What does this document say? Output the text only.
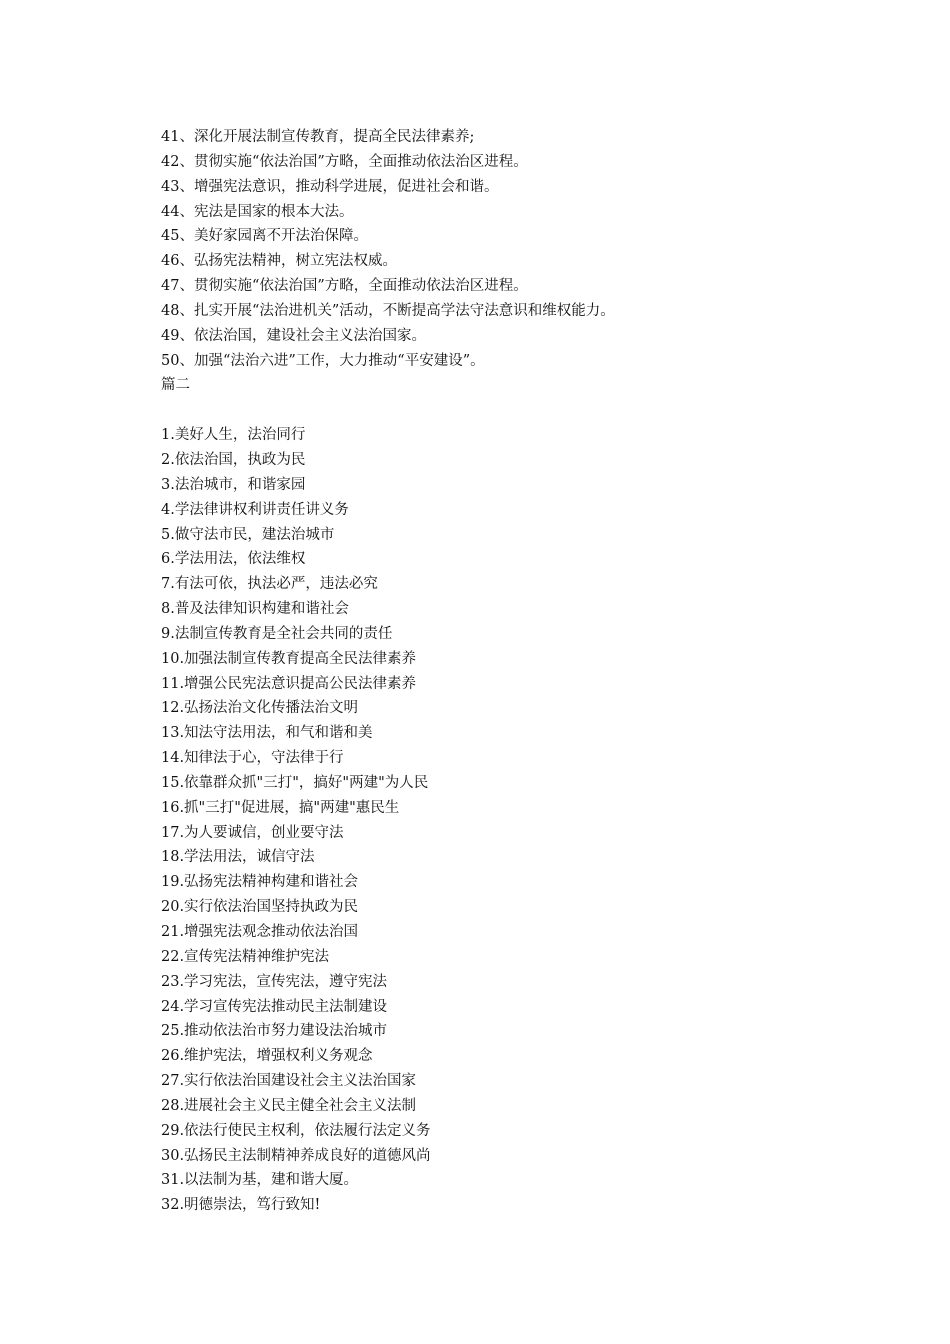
41、深化开展法制宣传教育，提高全民法律素养;
42、贯彻实施“依法治国”方略，全面推动依法治区进程。
43、增强宪法意识，推动科学进展，促进社会和谐。
44、宪法是国家的根本大法。
45、美好家园离不开法治保障。
46、弘扬宪法精神，树立宪法权威。
47、贯彻实施“依法治国”方略，全面推动依法治区进程。
48、扎实开展“法治进机关”活动，不断提高学法守法意识和维权能力。
49、依法治国，建设社会主义法治国家。
50、加强“法治六进”工作，大力推动“平安建设”。
篇二
1.美好人生，法治同行
2.依法治国，执政为民
3.法治城市，和谐家园
4.学法律讲权利讲责任讲义务
5.做守法市民，建法治城市
6.学法用法，依法维权
7.有法可依，执法必严，违法必究
8.普及法律知识构建和谐社会
9.法制宣传教育是全社会共同的责任
10.加强法制宣传教育提高全民法律素养
11.增强公民宪法意识提高公民法律素养
12.弘扬法治文化传播法治文明
13.知法守法用法，和气和谐和美
14.知律法于心，守法律于行
15.依靠群众抓"三打"，搞好"两建"为人民
16.抓"三打"促进展，搞"两建"惠民生
17.为人要诚信，创业要守法
18.学法用法，诚信守法
19.弘扬宪法精神构建和谐社会
20.实行依法治国坚持执政为民
21.增强宪法观念推动依法治国
22.宣传宪法精神维护宪法
23.学习宪法，宣传宪法，遵守宪法
24.学习宣传宪法推动民主法制建设
25.推动依法治市努力建设法治城市
26.维护宪法，增强权利义务观念
27.实行依法治国建设社会主义法治国家
28.进展社会主义民主健全社会主义法制
29.依法行使民主权利，依法履行法定义务
30.弘扬民主法制精神养成良好的道德风尚
31.以法制为基，建和谐大厦。
32.明德崇法，笃行致知!
